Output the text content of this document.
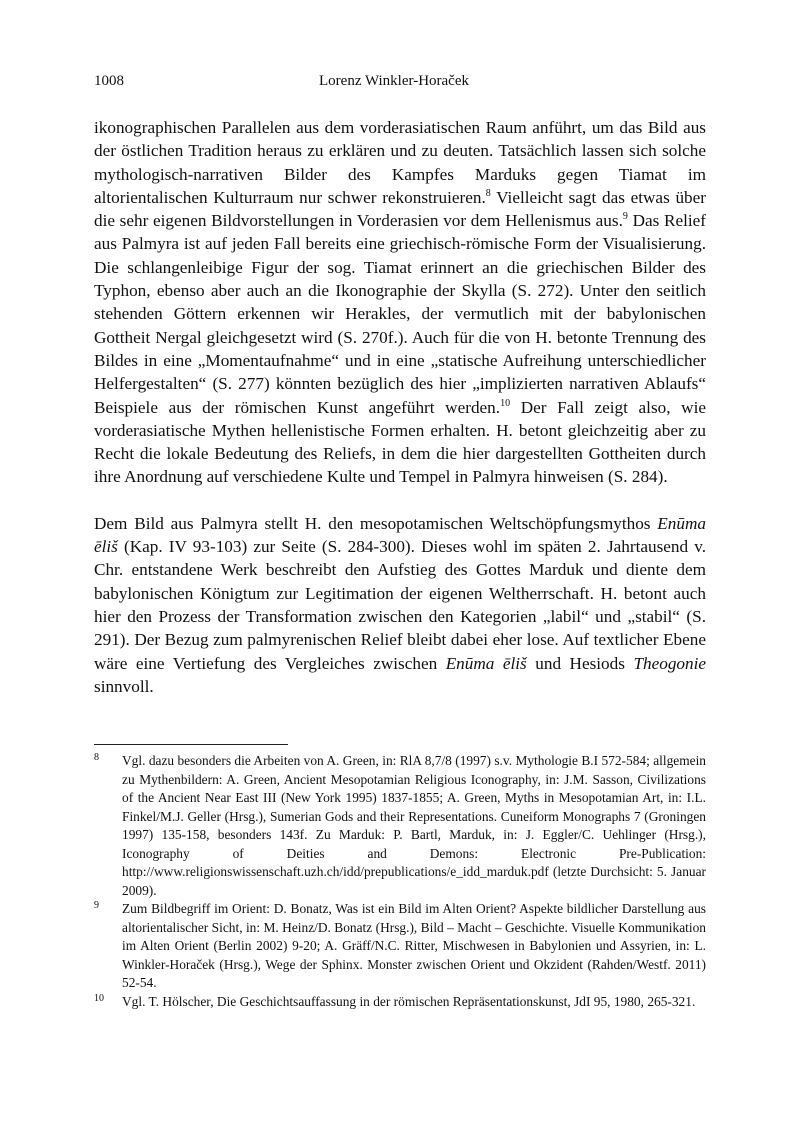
1008	Lorenz Winkler-Horaček

ikonographischen Parallelen aus dem vorderasiatischen Raum anführt, um das Bild aus der östlichen Tradition heraus zu erklären und zu deuten. Tatsächlich lassen sich solche mythologisch-narrativen Bilder des Kampfes Marduks gegen Tiamat im altorientalischen Kulturraum nur schwer rekonstruieren.$^8$ Vielleicht sagt das etwas über die sehr eigenen Bildvorstellungen in Vorderasien vor dem Hellenismus aus.$^9$ Das Relief aus Palmyra ist auf jeden Fall bereits eine griechisch-römische Form der Visualisierung. Die schlangenleibige Figur der sog. Tiamat erinnert an die griechischen Bilder des Typhon, ebenso aber auch an die Ikonographie der Skylla (S. 272). Unter den seitlich stehenden Göttern erkennen wir Herakles, der vermutlich mit der babylonischen Gottheit Nergal gleichgesetzt wird (S. 270f.). Auch für die von H. betonte Trennung des Bildes in eine „Momentaufnahme“ und in eine „statische Aufreihung unterschiedlicher Helfergestalten“ (S. 277) könnten bezüglich des hier „implizierten narrativen Ablaufs“ Beispiele aus der römischen Kunst angeführt werden.$^{10}$ Der Fall zeigt also, wie vorderasiatische Mythen hellenistische Formen erhalten. H. betont gleichzeitig aber zu Recht die lokale Bedeutung des Reliefs, in dem die hier dargestellten Gottheiten durch ihre Anordnung auf verschiedene Kulte und Tempel in Palmyra hinweisen (S. 284).

Dem Bild aus Palmyra stellt H. den mesopotamischen Weltschöpfungsmythos Enūma ēliš (Kap. IV 93-103) zur Seite (S. 284-300). Dieses wohl im späten 2. Jahrtausend v. Chr. entstandene Werk beschreibt den Aufstieg des Gottes Marduk und diente dem babylonischen Königtum zur Legitimation der eigenen Weltherrschaft. H. betont auch hier den Prozess der Transformation zwischen den Kategorien „labil“ und „stabil“ (S. 291). Der Bezug zum palmyrenischen Relief bleibt dabei eher lose. Auf textlicher Ebene wäre eine Vertiefung des Vergleiches zwischen Enūma ēliš und Hesiods Theogonie sinnvoll.

8 Vgl. dazu besonders die Arbeiten von A. Green, in: RlA 8,7/8 (1997) s.v. Mythologie B.I 572-584; allgemein zu Mythenbildern: A. Green, Ancient Mesopotamian Religious Iconography, in: J.M. Sasson, Civilizations of the Ancient Near East III (New York 1995) 1837-1855; A. Green, Myths in Mesopotamian Art, in: I.L. Finkel/M.J. Geller (Hrsg.), Sumerian Gods and their Representations. Cuneiform Monographs 7 (Groningen 1997) 135-158, besonders 143f. Zu Marduk: P. Bartl, Marduk, in: J. Eggler/C. Uehlinger (Hrsg.), Iconography of Deities and Demons: Electronic Pre-Publication: http://www.religionswissenschaft.uzh.ch/idd/prepublications/e_idd_marduk.pdf (letzte Durchsicht: 5. Januar 2009).
9 Zum Bildbegriff im Orient: D. Bonatz, Was ist ein Bild im Alten Orient? Aspekte bildlicher Darstellung aus altorientalischer Sicht, in: M. Heinz/D. Bonatz (Hrsg.), Bild – Macht – Geschichte. Visuelle Kommunikation im Alten Orient (Berlin 2002) 9-20; A. Gräff/N.C. Ritter, Mischwesen in Babylonien und Assyrien, in: L. Winkler-Horaček (Hrsg.), Wege der Sphinx. Monster zwischen Orient und Okzident (Rahden/Westf. 2011) 52-54.
10 Vgl. T. Hölscher, Die Geschichtsauffassung in der römischen Repräsentationskunst, JdI 95, 1980, 265-321.
